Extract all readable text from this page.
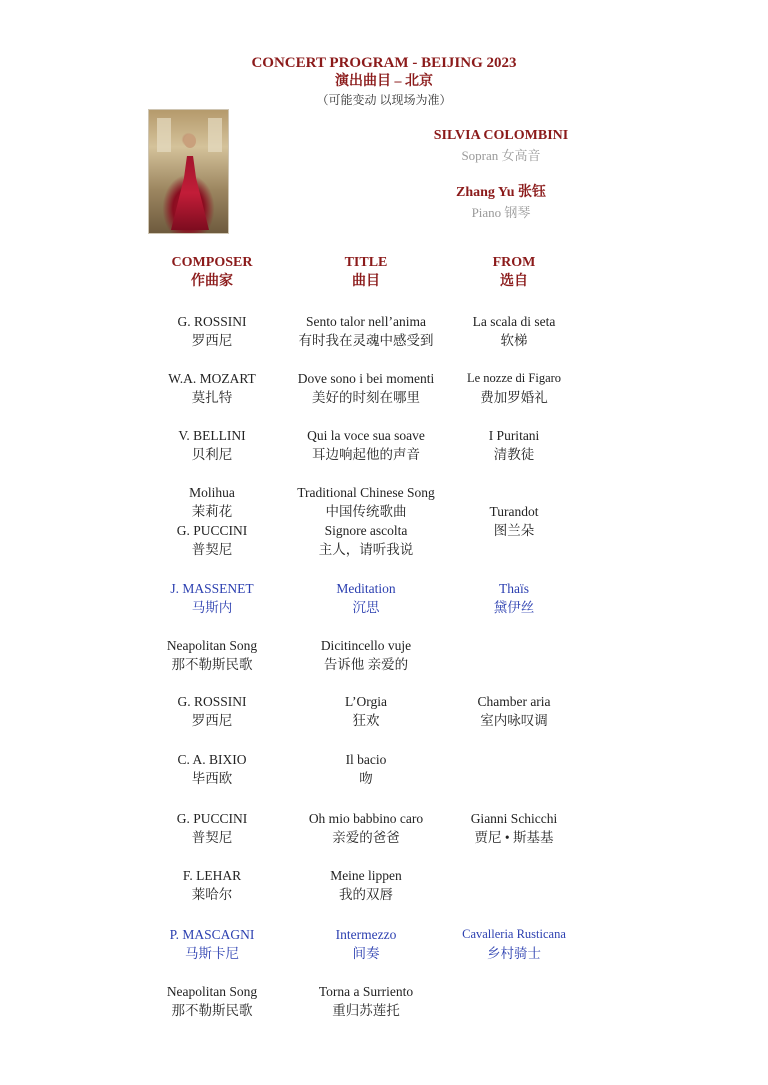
CONCERT PROGRAM - BEIJING 2023
演出曲目 – 北京
（可能变动 以现场为准）
SILVIA COLOMBINI
Sopran 女高音
Zhang Yu 张钰
Piano 钢琴
COMPOSER
作曲家
TITLE
曲目
FROM
选自
G. ROSSINI
罗西尼
Sento talor nell’anima
有时我在灵魂中感受到
La scala di seta
软梯
W.A. MOZART
莫扎特
Dove sono i bei momenti
美好的时刻在哪里
Le nozze di Figaro
费加罗婚礼
V. BELLINI
贝利尼
Qui la voce sua soave
耳边响起他的声音
I Puritani
清教徒
Molihua
茉莉花
G. PUCCINI
普契尼
Traditional Chinese Song
中国传统歌曲
Signore ascolta
主人，请听我说

Turandot
图兰朵

J. MASSENET
马斯内
Meditation
沉思
Thaïs
黛伊丝
Neapolitan Song
那不勒斯民歌
Dicitincello vuje
告诉他 亲爱的

G. ROSSINI
罗西尼
L’Orgia
狂欢
Chamber aria
室内咏叹调
C. A. BIXIO
毕西欧
Il bacio
吻

G. PUCCINI
普契尼
Oh mio babbino caro
亲爱的爸爸
Gianni Schicchi
贾尼 • 斯基基
F. LEHAR
莱哈尔
Meine lippen
我的双唇

P. MASCAGNI
马斯卡尼
Intermezzo
间奏
Cavalleria Rusticana
乡村骑士
Neapolitan Song
那不勒斯民歌
Torna a Surriento
重归苏莲托
